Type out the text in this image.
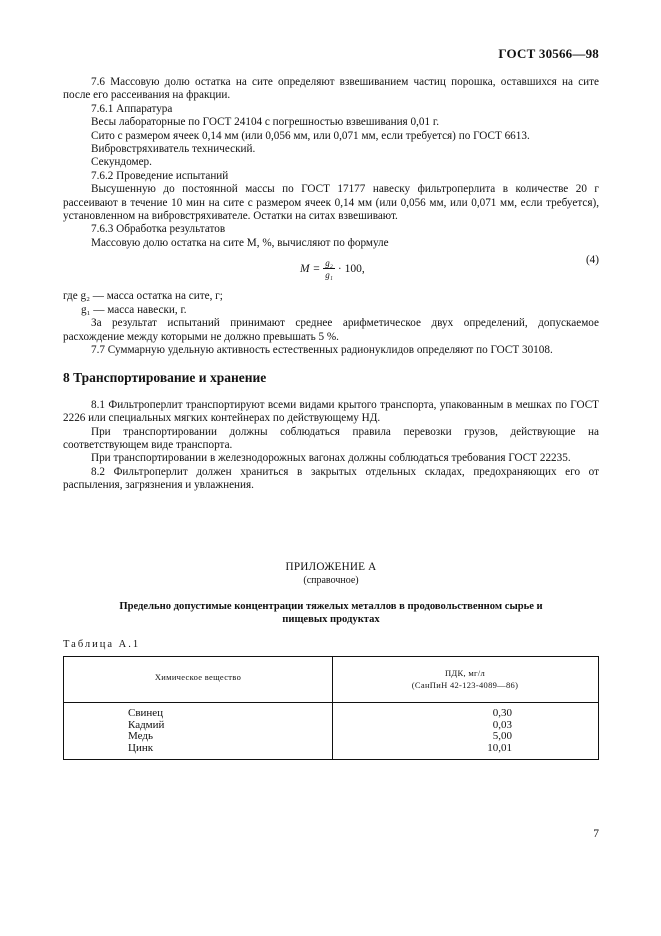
ГОСТ 30566—98

7.6 Массовую долю остатка на сите определяют взвешиванием частиц порошка, оставшихся на сите после его рассеивания на фракции.

7.6.1 Аппаратура

Весы лабораторные по ГОСТ 24104 с погрешностью взвешивания 0,01 г.

Сито с размером ячеек 0,14 мм (или 0,056 мм, или 0,071 мм, если требуется) по ГОСТ 6613.

Вибровстряхиватель технический.

Секундомер.

7.6.2 Проведение испытаний

Высушенную до постоянной массы по ГОСТ 17177 навеску фильтроперлита в количестве 20 г рассеивают в течение 10 мин на сите с размером ячеек 0,14 мм (или 0,056 мм, или 0,071 мм, если требуется), установленном на вибровстряхивателе. Остатки на ситах взвешивают.

7.6.3 Обработка результатов

Массовую долю остатка на сите M, %, вычисляют по формуле

$M = \frac{\text{g₂}}{\text{g₁}} \cdot 100$,
(4)

где g₂ — масса остатка на сите, г;

g₁ — масса навески, г.

За результат испытаний принимают среднее арифметическое двух определений, допускаемое расхождение между которыми не должно превышать 5 %.

7.7 Суммарную удельную активность естественных радионуклидов определяют по ГОСТ 30108.

8 Транспортирование и хранение

8.1 Фильтроперлит транспортируют всеми видами крытого транспорта, упакованным в мешках по ГОСТ 2226 или специальных мягких контейнерах по действующему НД.

При транспортировании должны соблюдаться правила перевозки грузов, действующие на соответствующем виде транспорта.

При транспортировании в железнодорожных вагонах должны соблюдаться требования ГОСТ 22235.

8.2 Фильтроперлит должен храниться в закрытых отдельных складах, предохраняющих его от распыления, загрязнения и увлажнения.

ПРИЛОЖЕНИЕ А
(справочное)
Предельно допустимые концентрации тяжелых металлов в продовольственном сырье и
пищевых продуктах
Таблица А.1
Химическое вещество	ПДК, мг/л
(СанПиН 42-123-4089—86)
Свинец	0,30
Кадмий	0,03
Медь	5,00
Цинк	10,01
7
